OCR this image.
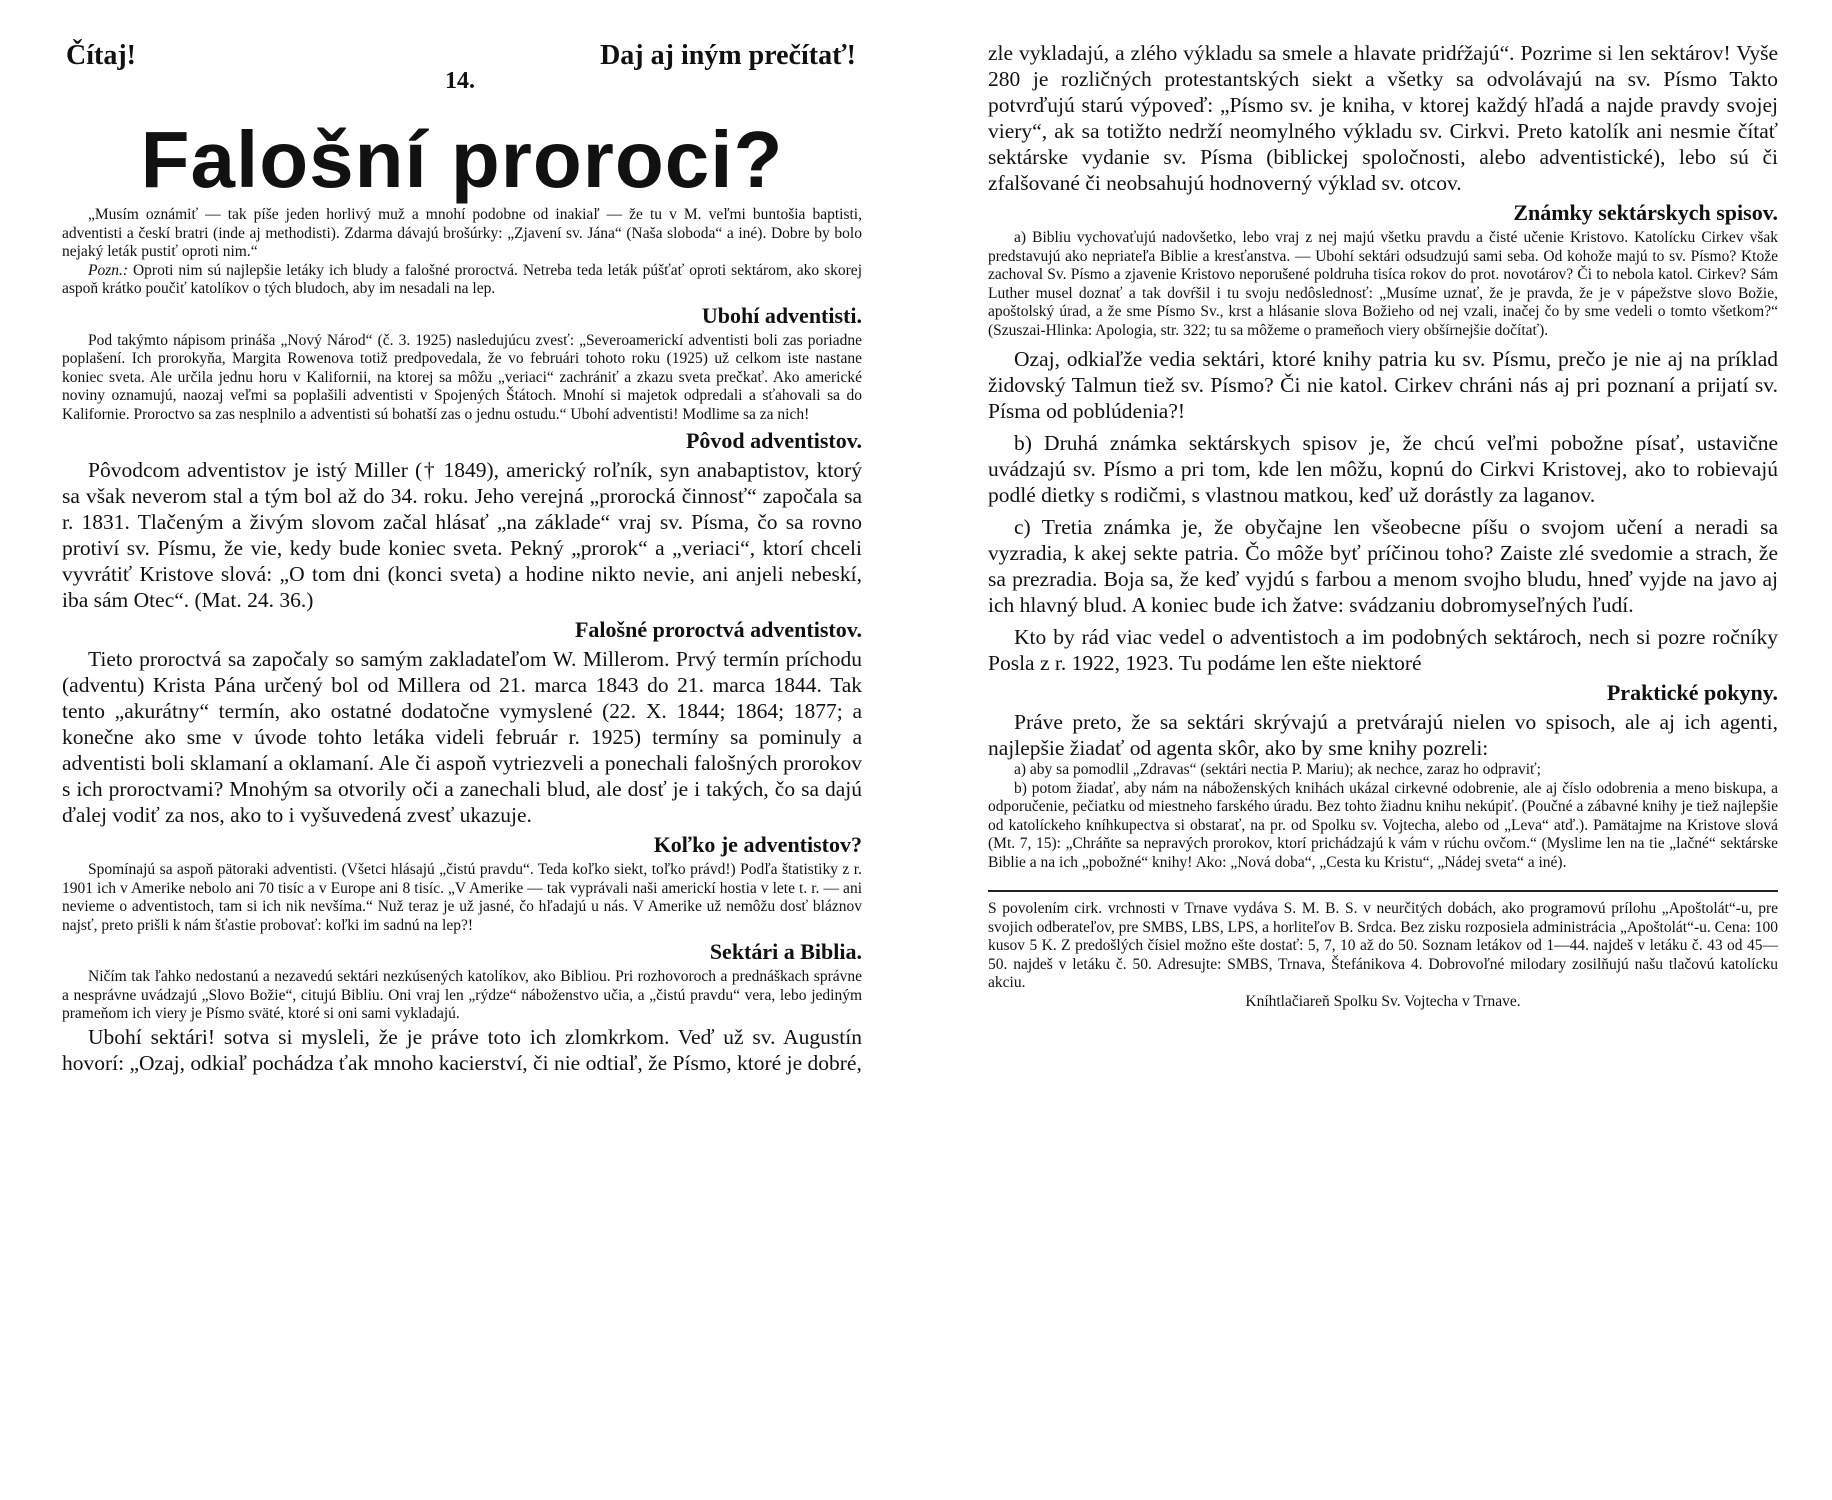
Čítaj!
14.
Daj aj iným prečítať!
Falošní proroci?

„Musím oznámiť — tak píše jeden horlivý muž a mnohí podobne od inakiaľ — že tu v M. veľmi buntošia baptisti, adventisti a českí bratri (inde aj methodisti). Zdarma dávajú brošúrky: „Zjavení sv. Jána“ (Naša sloboda“ a iné). Dobre by bolo nejaký leták pustiť oproti nim.“

Pozn.: Oproti nim sú najlepšie letáky ich bludy a falošné proroctvá. Netreba teda leták púšťať oproti sektárom, ako skorej aspoň krátko poučiť katolíkov o tých bludoch, aby im nesadali na lep.

Ubohí adventisti.

Pod takýmto nápisom prináša „Nový Národ“ (č. 3. 1925) nasledujúcu zvesť: „Severoamerickí adventisti boli zas poriadne poplašení. Ich prorokyňa, Margita Rowenova totiž predpovedala, že vo februári tohoto roku (1925) už celkom iste nastane koniec sveta. Ale určila jednu horu v Kalifornii, na ktorej sa môžu „veriaci“ zachrániť a zkazu sveta prečkať. Ako americké noviny oznamujú, naozaj veľmi sa poplašili adventisti v Spojených Štátoch. Mnohí si majetok odpredali a sťahovali sa do Kalifornie. Proroctvo sa zas nesplnilo a adventisti sú bohatší zas o jednu ostudu.“ Ubohí adventisti! Modlime sa za nich!

Pôvod adventistov.

Pôvodcom adventistov je istý Miller († 1849), americký roľník, syn anabaptistov, ktorý sa však neverom stal a tým bol až do 34. roku. Jeho verejná „prorocká činnosť“ započala sa r. 1831. Tlačeným a živým slovom začal hlásať „na základe“ vraj sv. Písma, čo sa rovno protiví sv. Písmu, že vie, kedy bude koniec sveta. Pekný „prorok“ a „veriaci“, ktorí chceli vyvrátiť Kristove slová: „O tom dni (konci sveta) a hodine nikto nevie, ani anjeli nebeskí, iba sám Otec“. (Mat. 24. 36.)

Falošné proroctvá adventistov.

Tieto proroctvá sa započaly so samým zakladateľom W. Millerom. Prvý termín príchodu (adventu) Krista Pána určený bol od Millera od 21. marca 1843 do 21. marca 1844. Tak tento „akurátny“ termín, ako ostatné dodatočne vymyslené (22. X. 1844; 1864; 1877; a konečne ako sme v úvode tohto letáka videli február r. 1925) termíny sa pominuly a adventisti boli sklamaní a oklamaní. Ale či aspoň vytriezveli a ponechali falošných prorokov s ich proroctvami? Mnohým sa otvorily oči a zanechali blud, ale dosť je i takých, čo sa dajú ďalej vodiť za nos, ako to i vyšuvedená zvesť ukazuje.

Koľko je adventistov?

Spomínajú sa aspoň pätoraki adventisti. (Všetci hlásajú „čistú pravdu“. Teda koľko siekt, toľko právd!) Podľa štatistiky z r. 1901 ich v Amerike nebolo ani 70 tisíc a v Europe ani 8 tisíc. „V Amerike — tak vyprávali naši americkí hostia v lete t. r. — ani nevieme o adventistoch, tam si ich nik nevšíma.“ Nuž teraz je už jasné, čo hľadajú u nás. V Amerike už nemôžu dosť bláznov najsť, preto prišli k nám šťastie probovať: koľki im sadnú na lep?!

Sektári a Biblia.

Ničím tak ľahko nedostanú a nezavedú sektári nezkúsených katolíkov, ako Bibliou. Pri rozhovoroch a prednáškach správne a nesprávne uvádzajú „Slovo Božie“, citujú Bibliu. Oni vraj len „rýdze“ náboženstvo učia, a „čistú pravdu“ vera, lebo jediným prameňom ich viery je Písmo sväté, ktoré si oni sami vykladajú.

Ubohí sektári! sotva si mysleli, že je práve toto ich zlomkrkom. Veď už sv. Augustín hovorí: „Ozaj, odkiaľ pochádza ťak mnoho kacierství, či nie odtiaľ, že Písmo, ktoré je dobré,

zle vykladajú, a zlého výkladu sa smele a hlavate pridŕžajú“. Pozrime si len sektárov! Vyše 280 je rozličných protestantských siekt a všetky sa odvolávajú na sv. Písmo Takto potvrďujú starú výpoveď: „Písmo sv. je kniha, v ktorej každý hľadá a najde pravdy svojej viery“, ak sa totižto nedrží neomylného výkladu sv. Cirkvi. Preto katolík ani nesmie čítať sektárske vydanie sv. Písma (biblickej spoločnosti, alebo adventistické), lebo sú či zfalšované či neobsahujú hodnoverný výklad sv. otcov.

Známky sektárskych spisov.

a) Bibliu vychovaťujú nadovšetko, lebo vraj z nej majú všetku pravdu a čisté učenie Kristovo. Katolícku Cirkev však predstavujú ako nepriateľa Biblie a kresťanstva. — Ubohí sektári odsudzujú sami seba. Od kohože majú to sv. Písmo? Ktože zachoval Sv. Písmo a zjavenie Kristovo neporušené poldruha tisíca rokov do prot. novotárov? Či to nebola katol. Cirkev? Sám Luther musel doznať a tak dovŕšil i tu svoju nedôslednosť: „Musíme uznať, že je pravda, že je v pápežstve slovo Božie, apoštolský úrad, a že sme Písmo Sv., krst a hlásanie slova Božieho od nej vzali, inačej čo by sme vedeli o tomto všetkom?“ (Szuszai-Hlinka: Apologia, str. 322; tu sa môžeme o prameňoch viery obšírnejšie dočítať).

Ozaj, odkiaľže vedia sektári, ktoré knihy patria ku sv. Písmu, prečo je nie aj na príklad židovský Talmun tiež sv. Písmo? Či nie katol. Cirkev chráni nás aj pri poznaní a prijatí sv. Písma od poblúdenia?!

b) Druhá známka sektárskych spisov je, že chcú veľmi pobožne písať, ustavične uvádzajú sv. Písmo a pri tom, kde len môžu, kopnú do Cirkvi Kristovej, ako to robievajú podlé dietky s rodičmi, s vlastnou matkou, keď už dorástly za laganov.

c) Tretia známka je, že obyčajne len všeobecne píšu o svojom učení a neradi sa vyzradia, k akej sekte patria. Čo môže byť príčinou toho? Zaiste zlé svedomie a strach, že sa prezradia. Boja sa, že keď vyjdú s farbou a menom svojho bludu, hneď vyjde na javo aj ich hlavný blud. A koniec bude ich žatve: svádzaniu dobromyseľných ľudí.

Kto by rád viac vedel o adventistoch a im podobných sektároch, nech si pozre ročníky Posla z r. 1922, 1923. Tu podáme len ešte niektoré

Praktické pokyny.

Práve preto, že sa sektári skrývajú a pretvárajú nielen vo spisoch, ale aj ich agenti, najlepšie žiadať od agenta skôr, ako by sme knihy pozreli:

a) aby sa pomodlil „Zdravas“ (sektári nectia P. Mariu); ak nechce, zaraz ho odpraviť;

b) potom žiadať, aby nám na náboženských knihách ukázal cirkevné odobrenie, ale aj číslo odobrenia a meno biskupa, a odporučenie, pečiatku od miestneho farského úradu. Bez tohto žiadnu knihu nekúpiť. (Poučné a zábavné knihy je tiež najlepšie od katolíckeho kníhkupectva si obstarať, na pr. od Spolku sv. Vojtecha, alebo od „Leva“ atď.). Pamätajme na Kristove slová (Mt. 7, 15): „Chráňte sa nepravých prorokov, ktorí prichádzajú k vám v rúchu ovčom.“ (Myslime len na tie „lačné“ sektárske Biblie a na ich „pobožné“ knihy! Ako: „Nová doba“, „Cesta ku Kristu“, „Nádej sveta“ a iné).

S povolením cirk. vrchnosti v Trnave vydáva S. M. B. S. v neurčitých dobách, ako programovú prílohu „Apoštolát“-u, pre svojich odberateľov, pre SMBS, LBS, LPS, a horliteľov B. Srdca. Bez zisku rozposiela administrácia „Apoštolát“-u. Cena: 100 kusov 5 K. Z predošlých čísiel možno ešte dostať: 5, 7, 10 až do 50. Soznam letákov od 1—44. najdeš v letáku č. 43 od 45—50. najdeš v letáku č. 50. Adresujte: SMBS, Trnava, Štefánikova 4. Dobrovoľné milodary zosilňujú našu tlačovú katolícku akciu.

Kníhtlačiareň Spolku Sv. Vojtecha v Trnave.
